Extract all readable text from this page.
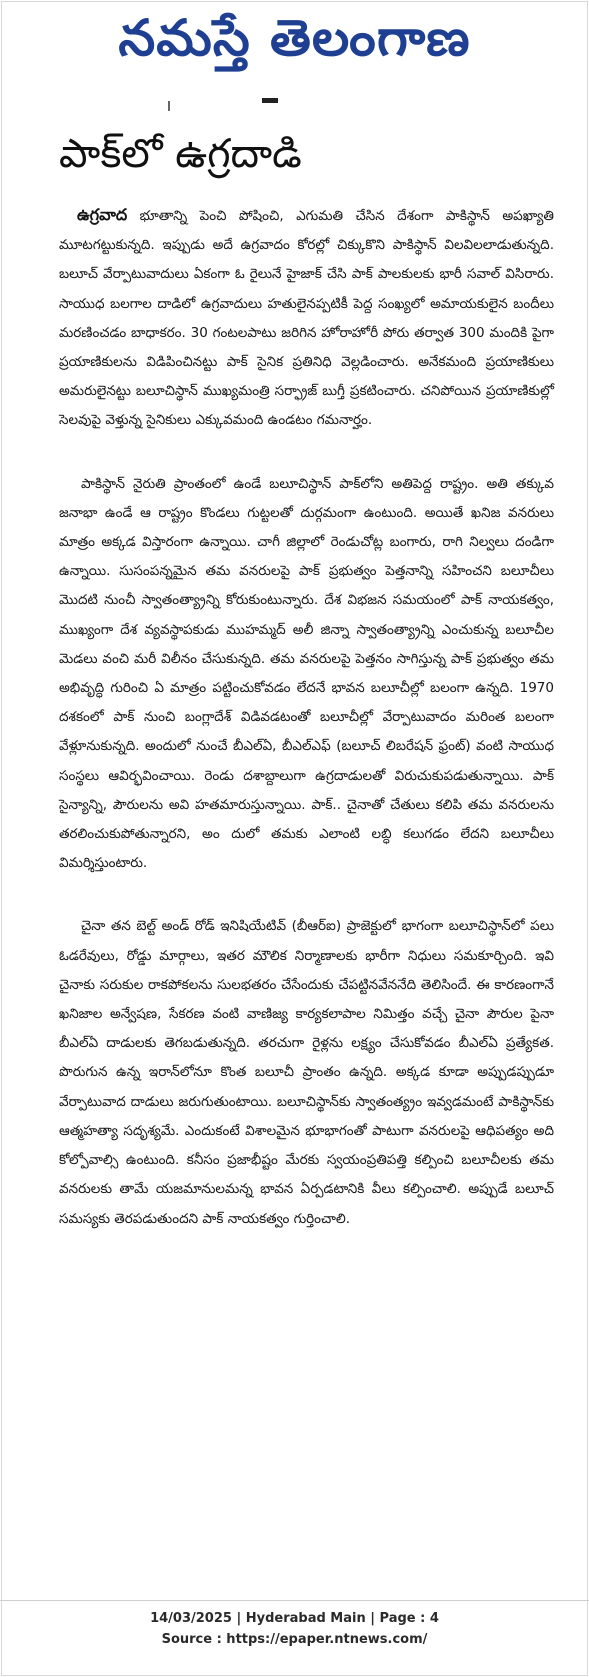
నమస్తే తెలంగాణ
పాక్‌లో ఉగ్రదాడి

ఉగ్రవాద భూతాన్ని పెంచి పోషించి, ఎగుమతి చేసిన దేశంగా పాకిస్థాన్ అపఖ్యాతి మూటగట్టుకున్నది. ఇప్పుడు అదే ఉగ్రవాదం కోరల్లో చిక్కుకొని పాకిస్థాన్ విలవిలలాడుతున్నది. బలూచ్ వేర్పాటువాదులు ఏకంగా ఓ రైలునే హైజాక్ చేసి పాక్ పాలకులకు భారీ సవాల్ విసిరారు. సాయుధ బలగాల దాడిలో ఉగ్రవాదులు హతులైనప్పటికీ పెద్ద సంఖ్యలో అమాయకులైన బందీలు మరణించడం బాధాకరం. 30 గంటలపాటు జరిగిన హోరాహోరీ పోరు తర్వాత 300 మందికి పైగా ప్రయాణికులను విడిపించినట్టు పాక్ సైనిక ప్రతినిధి వెల్లడించారు. అనేకమంది ప్రయాణికులు అమరులైనట్టు బలూచిస్థాన్ ముఖ్యమంత్రి సర్ఫ్రాజ్ బుగ్తీ ప్రకటించారు. చనిపోయిన ప్రయాణికుల్లో సెలవుపై వెళ్తున్న సైనికులు ఎక్కువమంది ఉండటం గమనార్హం.

పాకిస్థాన్ నైరుతి ప్రాంతంలో ఉండే బలూచిస్థాన్ పాక్‌లోని అతిపెద్ద రాష్ట్రం. అతి తక్కువ జనాభా ఉండే ఆ రాష్ట్రం కొండలు గుట్టలతో దుర్గమంగా ఉంటుంది. అయితే ఖనిజ వనరులు మాత్రం అక్కడ విస్తారంగా ఉన్నాయి. చాగీ జిల్లాలో రెండుచోట్ల బంగారు, రాగి నిల్వలు దండిగా ఉన్నాయి. సుసంపన్నమైన తమ వనరులపై పాక్ ప్రభుత్వం పెత్తనాన్ని సహించని బలూచీలు మొదటి నుంచీ స్వాతంత్య్రాన్ని కోరుకుంటున్నారు. దేశ విభజన సమయంలో పాక్ నాయకత్వం, ముఖ్యంగా దేశ వ్యవస్థాపకుడు ముహమ్మద్ అలీ జిన్నా స్వాతంత్య్రాన్ని ఎంచుకున్న బలూచీల మెడలు వంచి మరీ విలీనం చేసుకున్నది. తమ వనరులపై పెత్తనం సాగిస్తున్న పాక్ ప్రభుత్వం తమ అభివృద్ధి గురించి ఏ మాత్రం పట్టించుకోవడం లేదనే భావన బలూచీల్లో బలంగా ఉన్నది. 1970 దశకంలో పాక్ నుంచి బంగ్లాదేశ్ విడివడటంతో బలూచీల్లో వేర్పాటువాదం మరింత బలంగా వేళ్లూనుకున్నది. అందులో నుంచే బీఎల్ఏ, బీఎల్ఎఫ్ (బలూచ్ లిబరేషన్ ఫ్రంట్) వంటి సాయుధ సంస్థలు ఆవిర్భవించాయి. రెండు దశాబ్దాలుగా ఉగ్రదాడులతో విరుచుకుపడుతున్నాయి. పాక్ సైన్యాన్ని, పౌరులను అవి హతమారుస్తున్నాయి. పాక్.. చైనాతో చేతులు కలిపి తమ వనరులను తరలించుకుపోతున్నారని, అం దులో తమకు ఎలాంటి లబ్ధి కలుగడం లేదని బలూచీలు విమర్శిస్తుంటారు.

చైనా తన బెల్ట్ అండ్ రోడ్ ఇనిషియేటివ్ (బీఆర్ఐ) ప్రాజెక్టులో భాగంగా బలూచిస్థాన్‌లో పలు ఓడరేవులు, రోడ్డు మార్గాలు, ఇతర మౌలిక నిర్మాణాలకు భారీగా నిధులు సమకూర్చింది. ఇవి చైనాకు సరుకుల రాకపోకలను సులభతరం చేసేందుకు చేపట్టినవేననేది తెలిసిందే. ఈ కారణంగానే ఖనిజాల అన్వేషణ, సేకరణ వంటి వాణిజ్య కార్యకలాపాల నిమిత్తం వచ్చే చైనా పౌరుల పైనా బీఎల్ఏ దాడులకు తెగబడుతున్నది. తరచుగా రైళ్లను లక్ష్యం చేసుకోవడం బీఎల్ఏ ప్రత్యేకత. పొరుగున ఉన్న ఇరాన్‌లోనూ కొంత బలూచీ ప్రాంతం ఉన్నది. అక్కడ కూడా అప్పుడప్పుడూ వేర్పాటువాద దాడులు జరుగుతుంటాయి. బలూచిస్థాన్‌కు స్వాతంత్య్రం ఇవ్వడమంటే పాకిస్థాన్‌కు ఆత్మహత్యా సదృశ్యమే. ఎందుకంటే విశాలమైన భూభాగంతో పాటుగా వనరులపై ఆధిపత్యం అది కోల్పోవాల్సి ఉంటుంది. కనీసం ప్రజాభీష్టం మేరకు స్వయంప్రతిపత్తి కల్పించి బలూచీలకు తమ వనరులకు తామే యజమానులమన్న భావన ఏర్పడటానికి వీలు కల్పించాలి. అప్పుడే బలూచ్ సమస్యకు తెరపడుతుందని పాక్ నాయకత్వం గుర్తించాలి.

14/03/2025 | Hyderabad Main | Page : 4
Source : https://epaper.ntnews.com/
